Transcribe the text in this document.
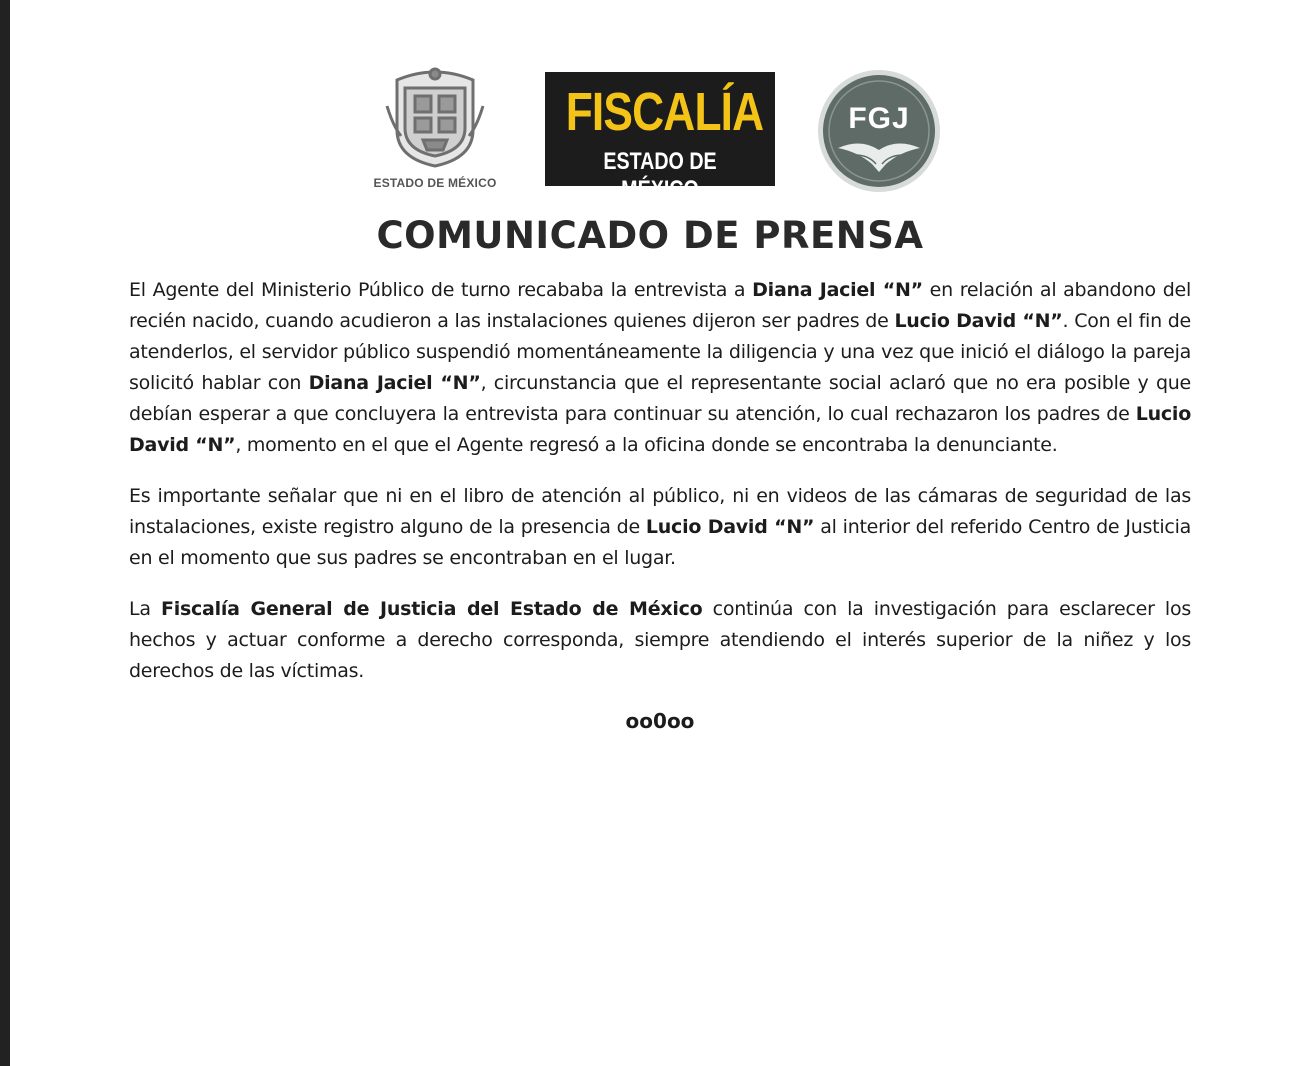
ESTADO DE MÉXICO
FISCALÍA
ESTADO DE MÉXICO
FGJ
COMUNICADO DE PRENSA

El Agente del Ministerio Público de turno recababa la entrevista a Diana Jaciel “N” en relación al abandono del recién nacido, cuando acudieron a las instalaciones quienes dijeron ser padres de Lucio David “N”. Con el fin de atenderlos, el servidor público suspendió momentáneamente la diligencia y una vez que inició el diálogo la pareja solicitó hablar con Diana Jaciel “N”, circunstancia que el representante social aclaró que no era posible y que debían esperar a que concluyera la entrevista para continuar su atención, lo cual rechazaron los padres de Lucio David “N”, momento en el que el Agente regresó a la oficina donde se encontraba la denunciante.

Es importante señalar que ni en el libro de atención al público, ni en videos de las cámaras de seguridad de las instalaciones, existe registro alguno de la presencia de Lucio David “N” al interior del referido Centro de Justicia en el momento que sus padres se encontraban en el lugar.

La Fiscalía General de Justicia del Estado de México continúa con la investigación para esclarecer los hechos y actuar conforme a derecho corresponda, siempre atendiendo el interés superior de la niñez y los derechos de las víctimas.

oo0oo
